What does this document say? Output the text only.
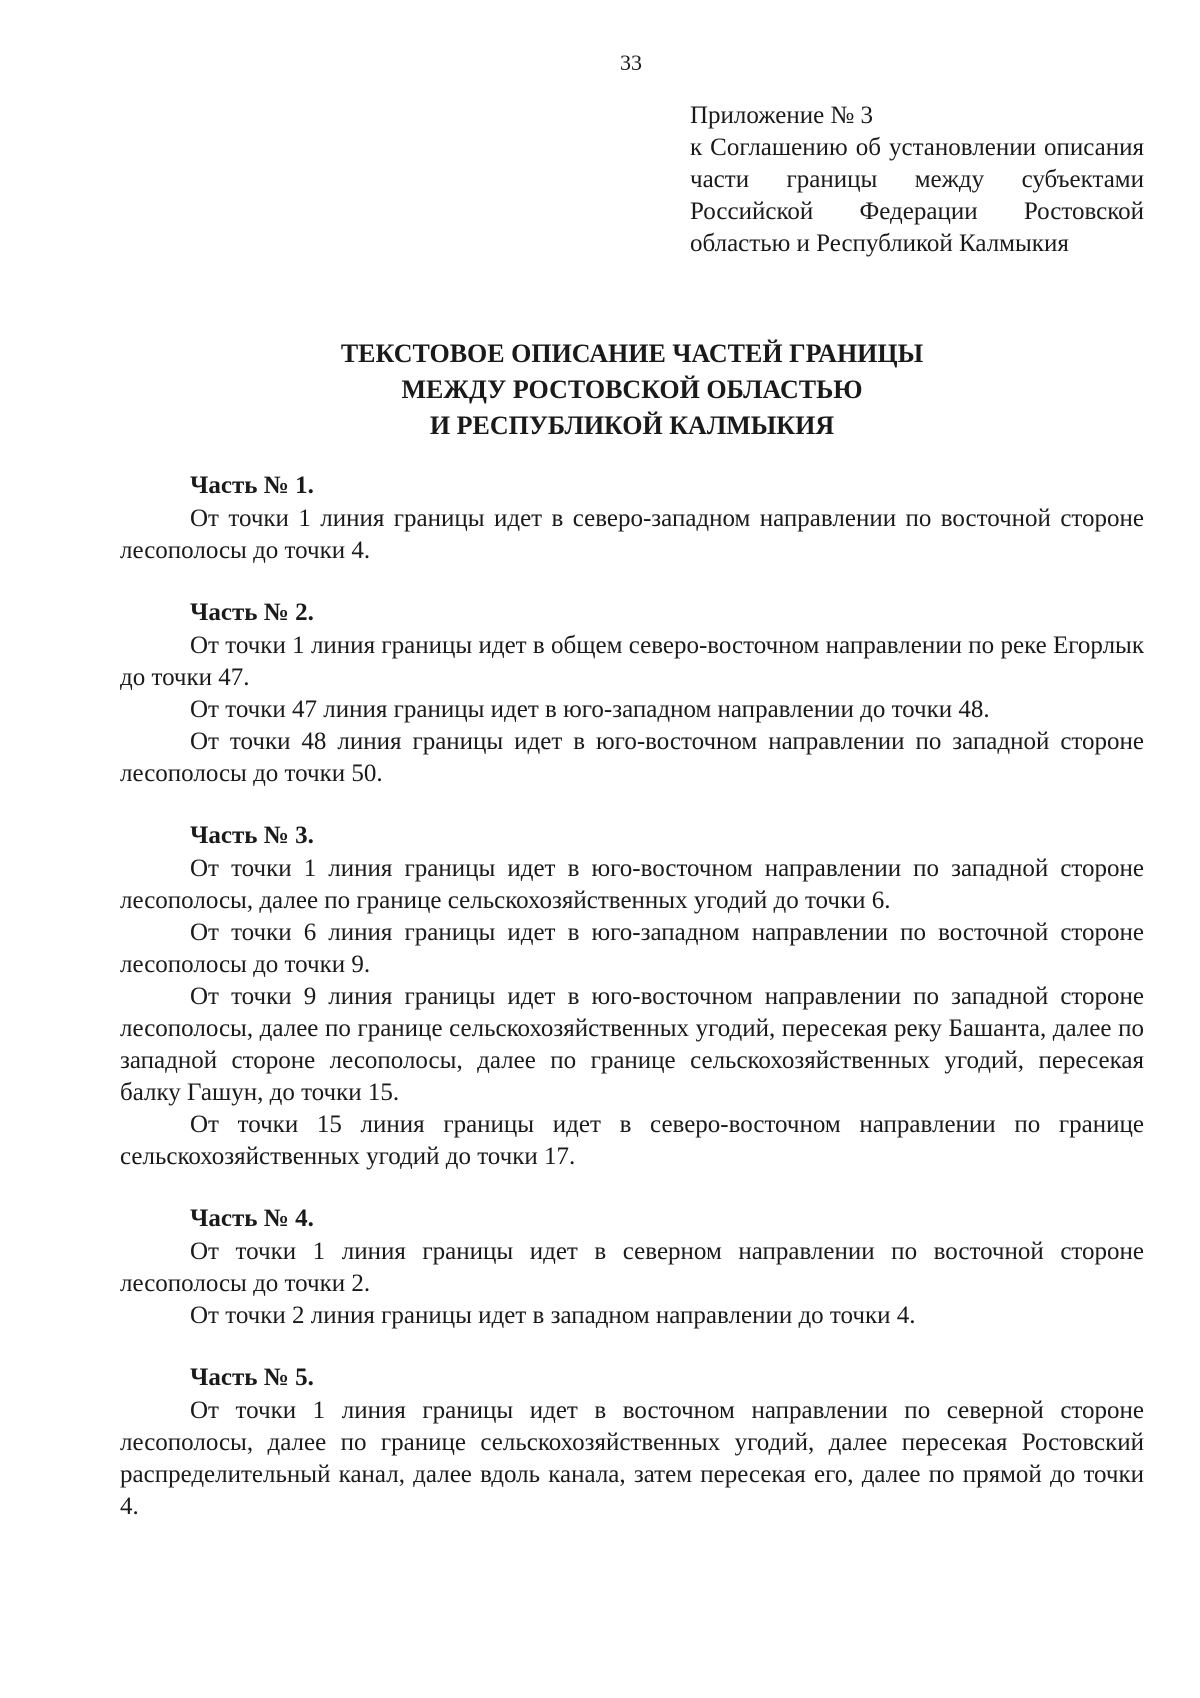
33
Приложение № 3
к Соглашению об установлении описания части границы между субъектами Российской Федерации Ростовской областью и Республикой Калмыкия
ТЕКСТОВОЕ ОПИСАНИЕ ЧАСТЕЙ ГРАНИЦЫ
МЕЖДУ РОСТОВСКОЙ ОБЛАСТЬЮ
И РЕСПУБЛИКОЙ КАЛМЫКИЯ
Часть № 1.

От точки 1 линия границы идет в северо-западном направлении по восточной стороне лесополосы до точки 4.

Часть № 2.

От точки 1 линия границы идет в общем северо-восточном направлении по реке Егорлык до точки 47.

От точки 47 линия границы идет в юго-западном направлении до точки 48.

От точки 48 линия границы идет в юго-восточном направлении по западной стороне лесополосы до точки 50.

Часть № 3.

От точки 1 линия границы идет в юго-восточном направлении по западной стороне лесополосы, далее по границе сельскохозяйственных угодий до точки 6.

От точки 6 линия границы идет в юго-западном направлении по восточной стороне лесополосы до точки 9.

От точки 9 линия границы идет в юго-восточном направлении по западной стороне лесополосы, далее по границе сельскохозяйственных угодий, пересекая реку Башанта, далее по западной стороне лесополосы, далее по границе сельскохозяйственных угодий, пересекая балку Гашун, до точки 15.

От точки 15 линия границы идет в северо-восточном направлении по границе сельскохозяйственных угодий до точки 17.

Часть № 4.

От точки 1 линия границы идет в северном направлении по восточной стороне лесополосы до точки 2.

От точки 2 линия границы идет в западном направлении до точки 4.

Часть № 5.

От точки 1 линия границы идет в восточном направлении по северной стороне лесополосы, далее по границе сельскохозяйственных угодий, далее пересекая Ростовский распределительный канал, далее вдоль канала, затем пересекая его, далее по прямой до точки 4.
